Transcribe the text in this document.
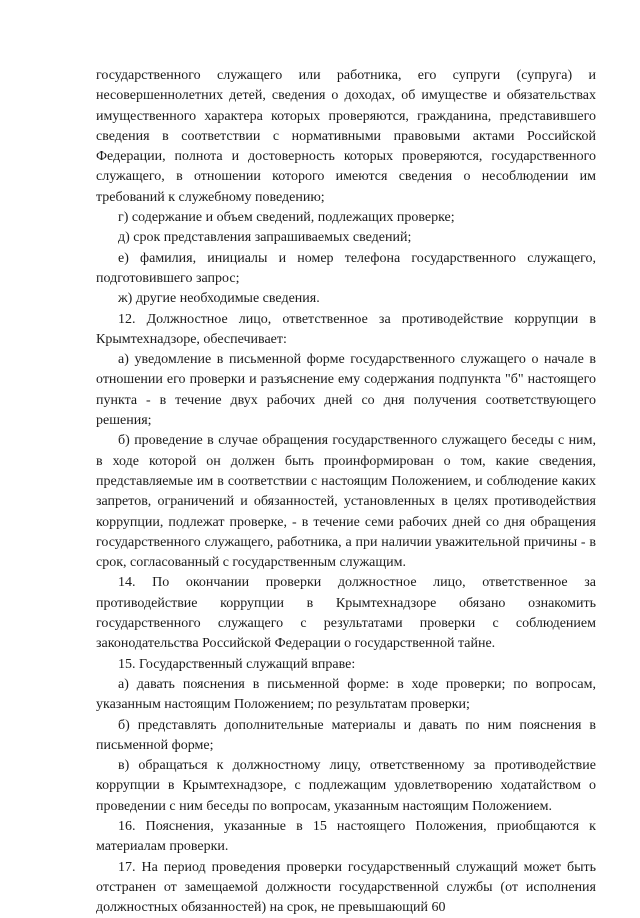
государственного служащего или работника, его супруги (супруга) и несовершеннолетних детей, сведения о доходах, об имуществе и обязательствах имущественного характера которых проверяются, гражданина, представившего сведения в соответствии с нормативными правовыми актами Российской Федерации, полнота и достоверность которых проверяются, государственного служащего, в отношении которого имеются сведения о несоблюдении им требований к служебному поведению;

г) содержание и объем сведений, подлежащих проверке;

д) срок представления запрашиваемых сведений;

е) фамилия, инициалы и номер телефона государственного служащего, подготовившего запрос;

ж) другие необходимые сведения.

12. Должностное лицо, ответственное за противодействие коррупции в Крымтехнадзоре, обеспечивает:

а) уведомление в письменной форме государственного служащего о начале в отношении его проверки и разъяснение ему содержания подпункта "б" настоящего пункта - в течение двух рабочих дней со дня получения соответствующего решения;

б) проведение в случае обращения государственного служащего беседы с ним, в ходе которой он должен быть проинформирован о том, какие сведения, представляемые им в соответствии с настоящим Положением, и соблюдение каких запретов, ограничений и обязанностей, установленных в целях противодействия коррупции, подлежат проверке, - в течение семи рабочих дней со дня обращения государственного служащего, работника, а при наличии уважительной причины - в срок, согласованный с государственным служащим.

14. По окончании проверки должностное лицо, ответственное за противодействие коррупции в Крымтехнадзоре обязано ознакомить государственного служащего с результатами проверки с соблюдением законодательства Российской Федерации о государственной тайне.

15. Государственный служащий вправе:

а) давать пояснения в письменной форме: в ходе проверки; по вопросам, указанным настоящим Положением; по результатам проверки;

б) представлять дополнительные материалы и давать по ним пояснения в письменной форме;

в) обращаться к должностному лицу, ответственному за противодействие коррупции в Крымтехнадзоре, с подлежащим удовлетворению ходатайством о проведении с ним беседы по вопросам, указанным настоящим Положением.

16. Пояснения, указанные в 15 настоящего Положения, приобщаются к материалам проверки.

17. На период проведения проверки государственный служащий может быть отстранен от замещаемой должности государственной службы (от исполнения должностных обязанностей) на срок, не превышающий 60
